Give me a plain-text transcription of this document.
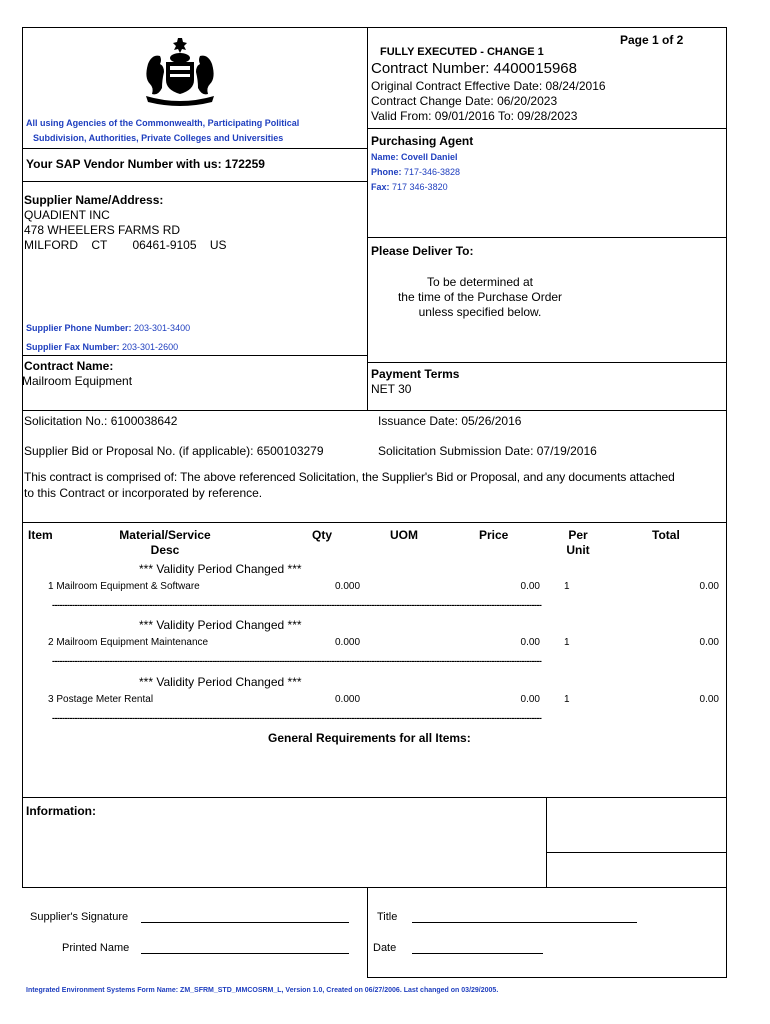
Page 1 of 2
FULLY EXECUTED - CHANGE 1
Contract Number: 4400015968
Original Contract Effective Date: 08/24/2016
Contract Change Date: 06/20/2023
Valid From: 09/01/2016 To: 09/28/2023
All using Agencies of the Commonwealth, Participating Political
Subdivision, Authorities, Private Colleges and Universities	Purchasing Agent
Name: Covell Daniel
Phone: 717-346-3828
Fax: 717 346-3820
Your SAP Vendor Number with us: 172259
Supplier Name/Address:
QUADIENT INC
478 WHEELERS FARMS RD
MILFORD CT 06461-9105 US
Supplier Phone Number: 203-301-3400
Supplier Fax Number: 203-301-2600
Please Deliver To:
To be determined at
the time of the Purchase Order
unless specified below.
Contract Name:
Mailroom Equipment	Payment Terms
NET 30
Solicitation No.: 6100038642	Issuance Date: 05/26/2016
Supplier Bid or Proposal No. (if applicable): 6500103279	Solicitation Submission Date: 07/19/2016
This contract is comprised of: The above referenced Solicitation, the Supplier's Bid or Proposal, and any documents attached
to this Contract or incorporated by reference.
Item	Material/Service
Desc
Qty	UOM	Price	Per
Unit
Total
*** Validity Period Changed ***
1 Mailroom Equipment & Software	0.000	0.00 1	0.00
----------------------------------------------------------------------------------------------------------------------------------------------------------------------------------------------------
*** Validity Period Changed ***
2 Mailroom Equipment Maintenance	0.000	0.00 1	0.00
----------------------------------------------------------------------------------------------------------------------------------------------------------------------------------------------------
*** Validity Period Changed ***
3 Postage Meter Rental	0.000	0.00 1	0.00
----------------------------------------------------------------------------------------------------------------------------------------------------------------------------------------------------
General Requirements for all Items:
Information:
Supplier's Signature
Printed Name
Title
Date
Integrated Environment Systems Form Name: ZM_SFRM_STD_MMCOSRM_L, Version 1.0, Created on 06/27/2006. Last changed on 03/29/2005.
